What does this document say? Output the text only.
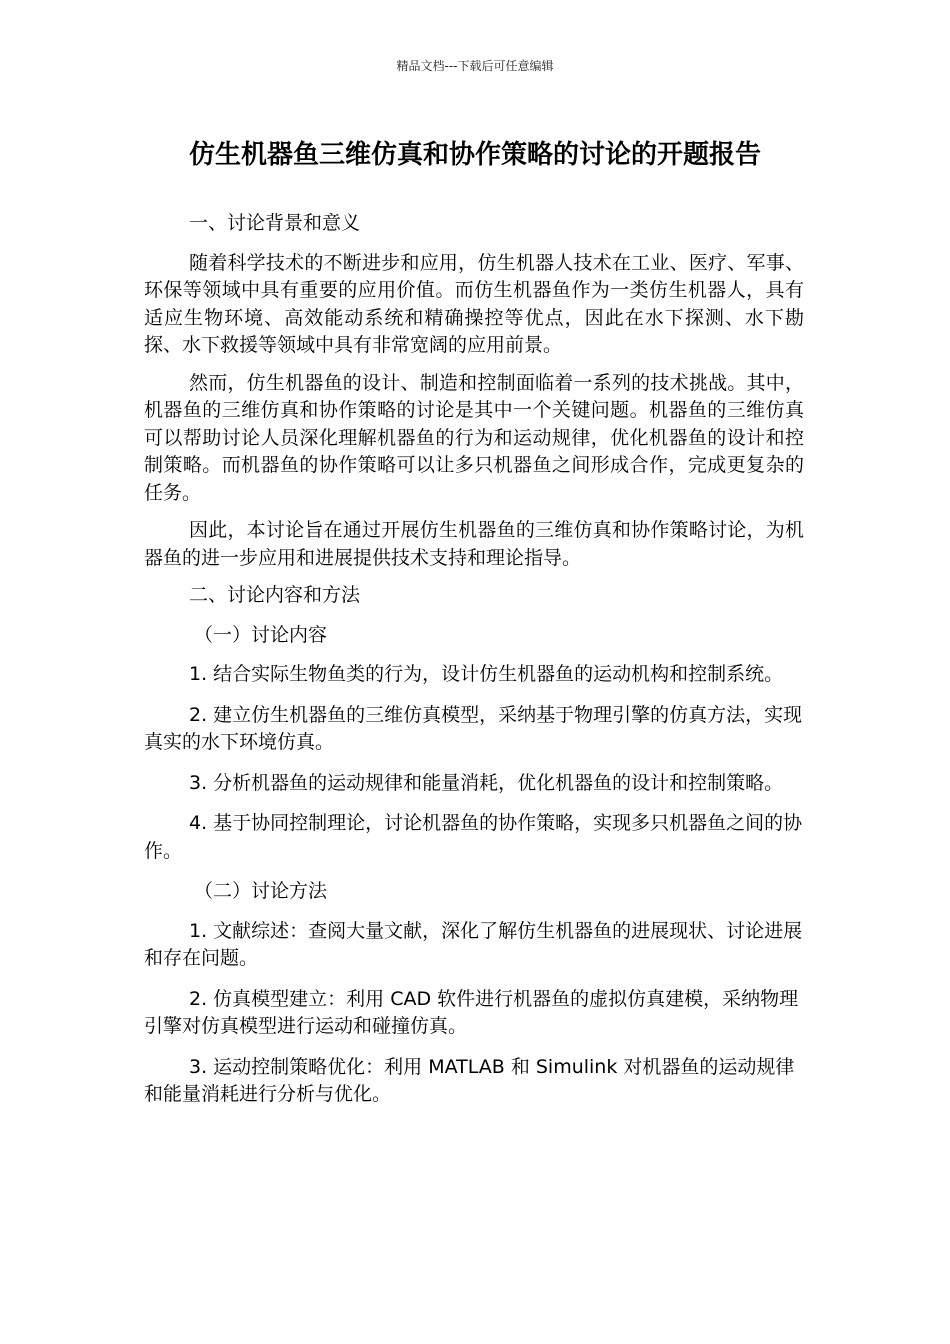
精品文档---下载后可任意编辑
仿生机器鱼三维仿真和协作策略的讨论的开题报告

一、讨论背景和意义

随着科学技术的不断进步和应用，仿生机器人技术在工业、医疗、军事、环保等领域中具有重要的应用价值。而仿生机器鱼作为一类仿生机器人，具有适应生物环境、高效能动系统和精确操控等优点，因此在水下探测、水下勘探、水下救援等领域中具有非常宽阔的应用前景。

然而，仿生机器鱼的设计、制造和控制面临着一系列的技术挑战。其中，机器鱼的三维仿真和协作策略的讨论是其中一个关键问题。机器鱼的三维仿真可以帮助讨论人员深化理解机器鱼的行为和运动规律，优化机器鱼的设计和控制策略。而机器鱼的协作策略可以让多只机器鱼之间形成合作，完成更复杂的任务。

因此，本讨论旨在通过开展仿生机器鱼的三维仿真和协作策略讨论，为机器鱼的进一步应用和进展提供技术支持和理论指导。

二、讨论内容和方法

（一）讨论内容

1. 结合实际生物鱼类的行为，设计仿生机器鱼的运动机构和控制系统。

2. 建立仿生机器鱼的三维仿真模型，采纳基于物理引擎的仿真方法，实现真实的水下环境仿真。

3. 分析机器鱼的运动规律和能量消耗，优化机器鱼的设计和控制策略。

4. 基于协同控制理论，讨论机器鱼的协作策略，实现多只机器鱼之间的协作。

（二）讨论方法

1. 文献综述：查阅大量文献，深化了解仿生机器鱼的进展现状、讨论进展和存在问题。

2. 仿真模型建立：利用 CAD 软件进行机器鱼的虚拟仿真建模，采纳物理引擎对仿真模型进行运动和碰撞仿真。

3. 运动控制策略优化：利用 MATLAB 和 Simulink 对机器鱼的运动规律和能量消耗进行分析与优化。
